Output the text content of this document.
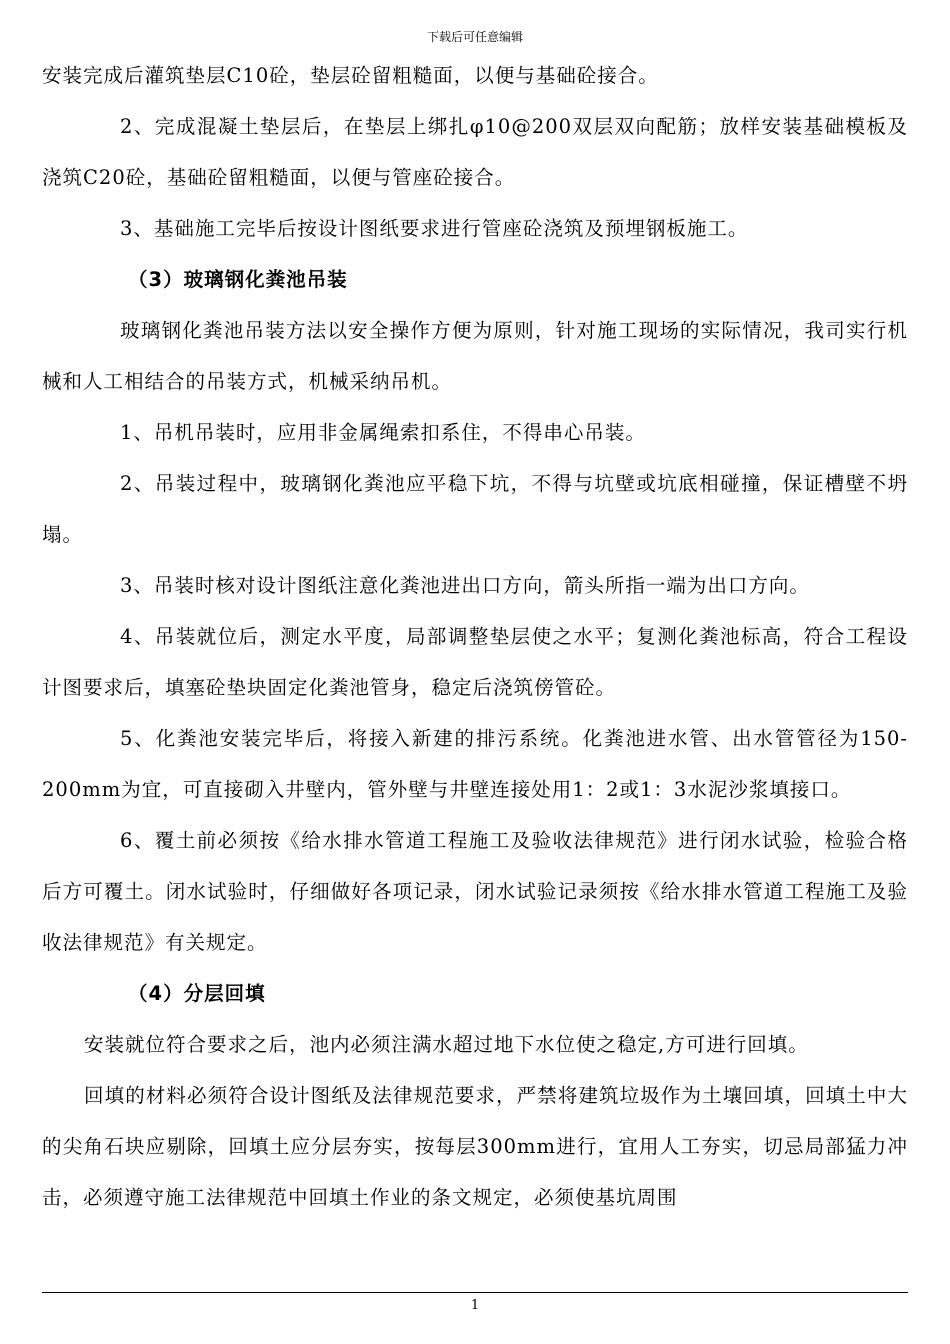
下载后可任意编辑

安装完成后灌筑垫层C10砼，垫层砼留粗糙面，以便与基础砼接合。

2、完成混凝土垫层后，在垫层上绑扎φ10@200双层双向配筋；放样安装基础模板及浇筑C20砼，基础砼留粗糙面，以便与管座砼接合。

3、基础施工完毕后按设计图纸要求进行管座砼浇筑及预埋钢板施工。

（3）玻璃钢化粪池吊装

玻璃钢化粪池吊装方法以安全操作方便为原则，针对施工现场的实际情况，我司实行机械和人工相结合的吊装方式，机械采纳吊机。

1、吊机吊装时，应用非金属绳索扣系住，不得串心吊装。

2、吊装过程中，玻璃钢化粪池应平稳下坑，不得与坑壁或坑底相碰撞，保证槽壁不坍塌。

3、吊装时核对设计图纸注意化粪池进出口方向，箭头所指一端为出口方向。

4、吊装就位后，测定水平度，局部调整垫层使之水平；复测化粪池标高，符合工程设计图要求后，填塞砼垫块固定化粪池管身，稳定后浇筑傍管砼。

5、化粪池安装完毕后，将接入新建的排污系统。化粪池进水管、出水管管径为150-200mm为宜，可直接砌入井壁内，管外壁与井壁连接处用1：2或1：3水泥沙浆填接口。

6、覆土前必须按《给水排水管道工程施工及验收法律规范》进行闭水试验，检验合格后方可覆土。闭水试验时，仔细做好各项记录，闭水试验记录须按《给水排水管道工程施工及验收法律规范》有关规定。

（4）分层回填

安装就位符合要求之后，池内必须注满水超过地下水位使之稳定,方可进行回填。

回填的材料必须符合设计图纸及法律规范要求，严禁将建筑垃圾作为土壤回填，回填土中大的尖角石块应剔除，回填土应分层夯实，按每层300mm进行，宜用人工夯实，切忌局部猛力冲击，必须遵守施工法律规范中回填土作业的条文规定，必须使基坑周围

1
